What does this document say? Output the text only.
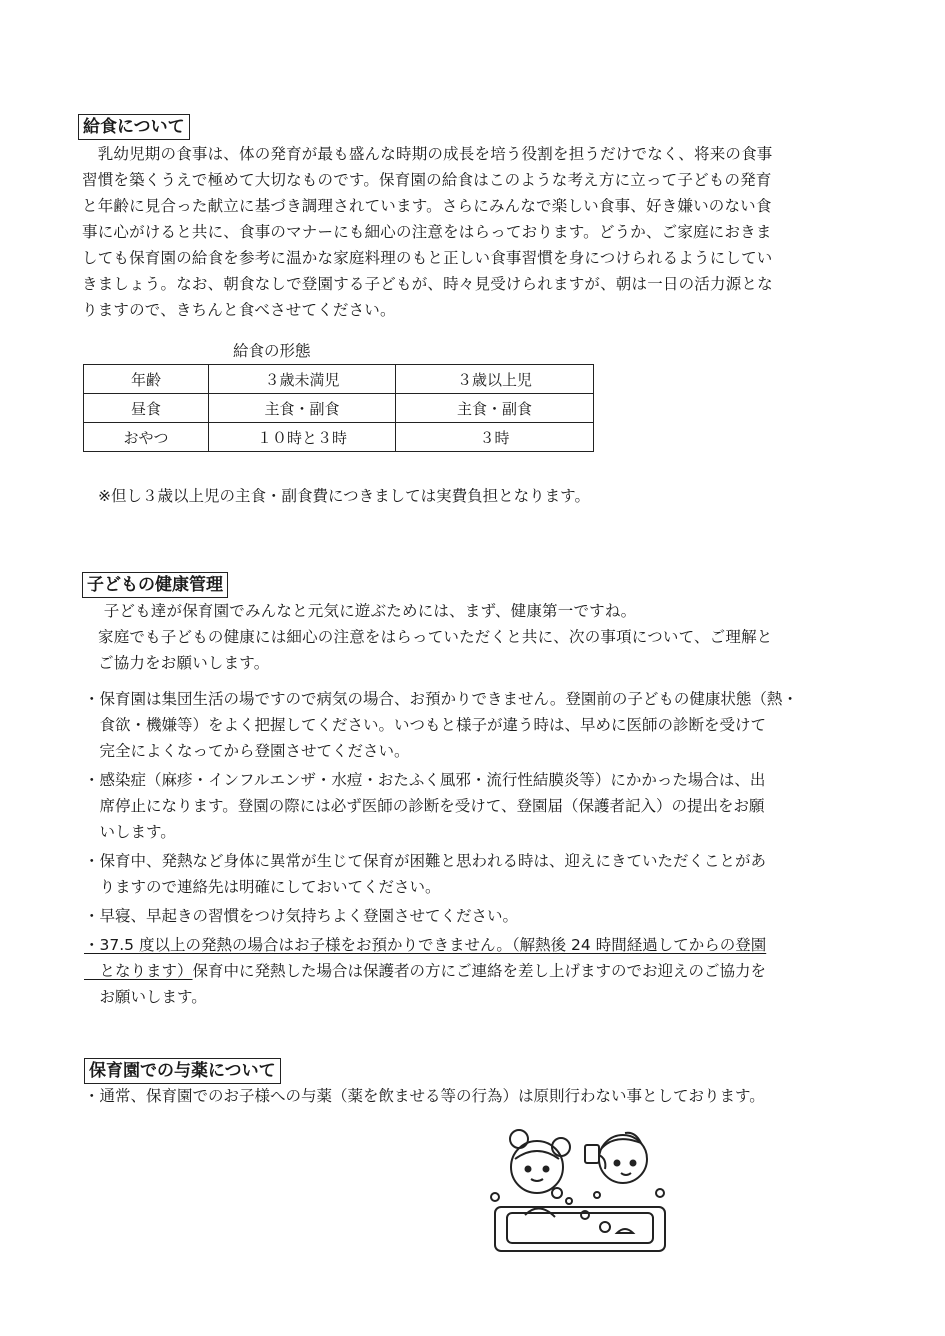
給食について

　乳幼児期の食事は、体の発育が最も盛んな時期の成長を培う役割を担うだけでなく、将来の食事

習慣を築くうえで極めて大切なものです。保育園の給食はこのような考え方に立って子どもの発育

と年齢に見合った献立に基づき調理されています。さらにみんなで楽しい食事、好き嫌いのない食

事に心がけると共に、食事のマナーにも細心の注意をはらっております。どうか、ご家庭におきま

しても保育園の給食を参考に温かな家庭料理のもと正しい食事習慣を身につけられるようにしてい

きましょう。なお、朝食なしで登園する子どもが、時々見受けられますが、朝は一日の活力源とな

りますので、きちんと食べさせてください。

給食の形態
年齢	３歳未満児	３歳以上児
昼食	主食・副食	主食・副食
おやつ	１０時と３時	３時
※但し３歳以上児の主食・副食費につきましては実費負担となります。
子どもの健康管理

　子ども達が保育園でみんなと元気に遊ぶためには、まず、健康第一ですね。

家庭でも子どもの健康には細心の注意をはらっていただくと共に、次の事項について、ご理解と

ご協力をお願いします。

・保育園は集団生活の場ですので病気の場合、お預かりできません。登園前の子どもの健康状態（熱・

　食欲・機嫌等）をよく把握してください。いつもと様子が違う時は、早めに医師の診断を受けて

　完全によくなってから登園させてください。

・感染症（麻疹・インフルエンザ・水痘・おたふく風邪・流行性結膜炎等）にかかった場合は、出

　席停止になります。登園の際には必ず医師の診断を受けて、登園届（保護者記入）の提出をお願

　いします。

・保育中、発熱など身体に異常が生じて保育が困難と思われる時は、迎えにきていただくことがあ

　りますので連絡先は明確にしておいてください。

・早寝、早起きの習慣をつけ気持ちよく登園させてください。

・37.5 度以上の発熱の場合はお子様をお預かりできません。（解熱後 24 時間経過してからの登園

　となります）保育中に発熱した場合は保護者の方にご連絡を差し上げますのでお迎えのご協力を

　お願いします。

保育園での与薬について
・通常、保育園でのお子様への与薬（薬を飲ませる等の行為）は原則行わない事としております。
